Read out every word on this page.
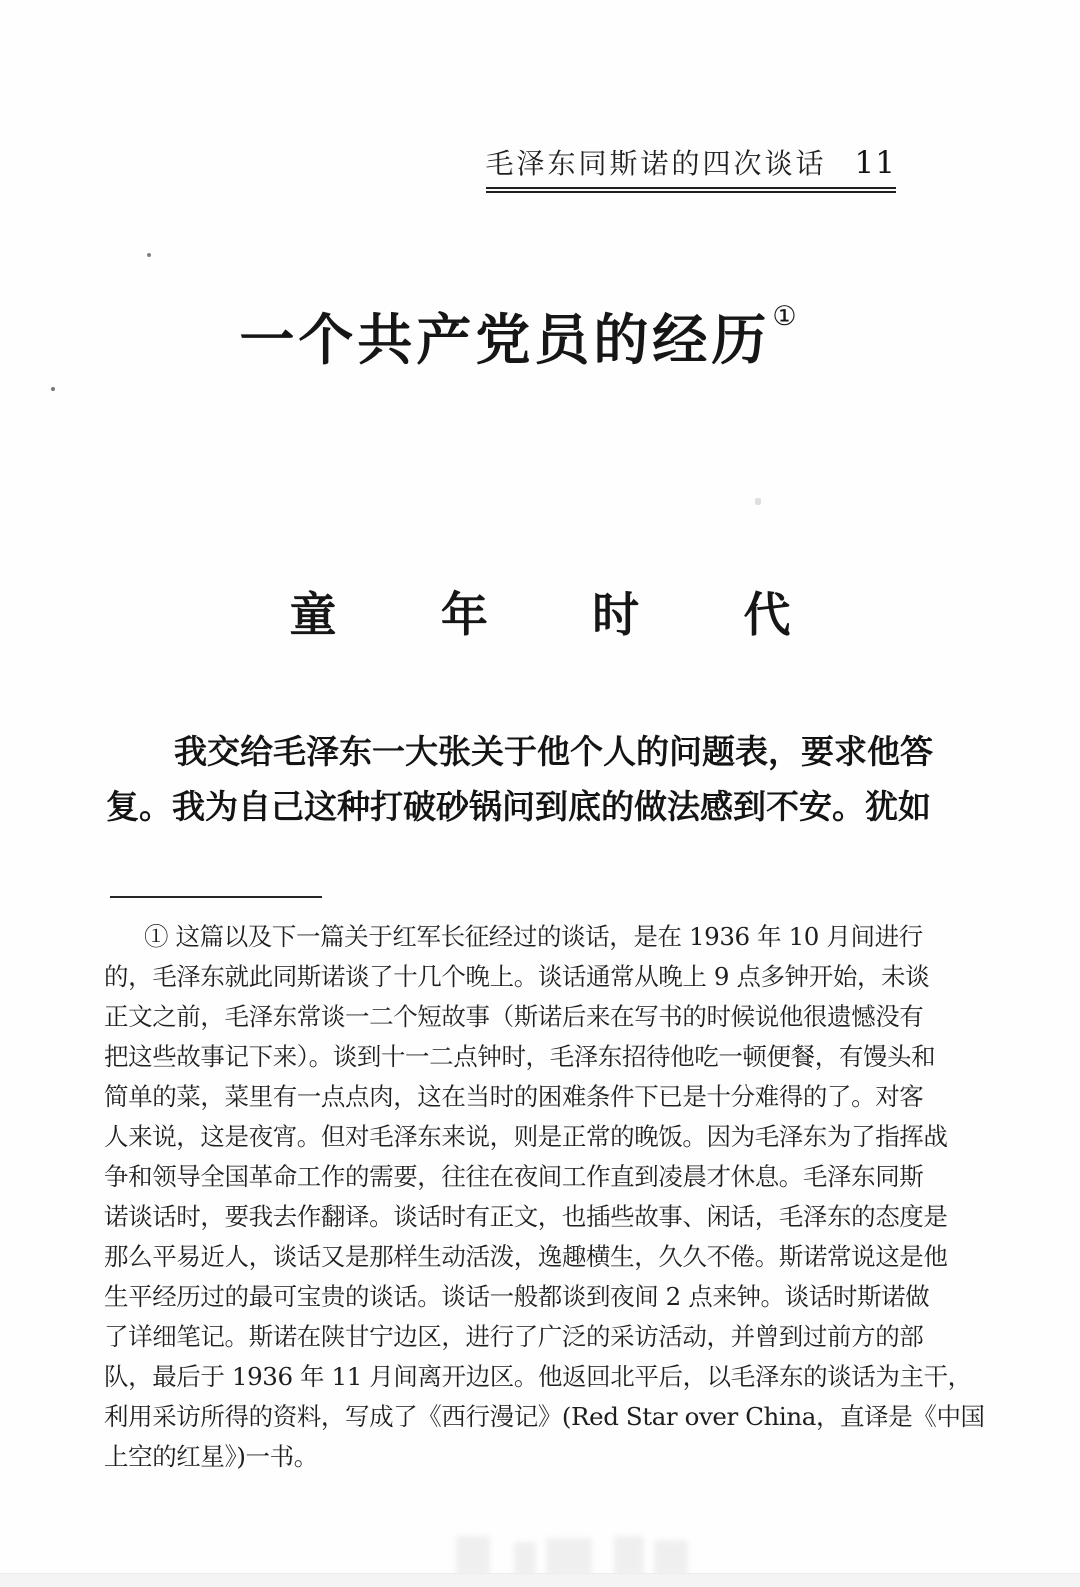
毛泽东同斯诺的四次谈话 11
一个共产党员的经历①
童 年 时 代
我交给毛泽东一大张关于他个人的问题表，要求他答
复。我为自己这种打破砂锅问到底的做法感到不安。犹如
① 这篇以及下一篇关于红军长征经过的谈话，是在 1936 年 10 月间进行
的，毛泽东就此同斯诺谈了十几个晚上。谈话通常从晚上 9 点多钟开始，未谈
正文之前，毛泽东常谈一二个短故事（斯诺后来在写书的时候说他很遗憾没有
把这些故事记下来）。谈到十一二点钟时，毛泽东招待他吃一顿便餐，有馒头和
简单的菜，菜里有一点点肉，这在当时的困难条件下已是十分难得的了。对客
人来说，这是夜宵。但对毛泽东来说，则是正常的晚饭。因为毛泽东为了指挥战
争和领导全国革命工作的需要，往往在夜间工作直到凌晨才休息。毛泽东同斯
诺谈话时，要我去作翻译。谈话时有正文，也插些故事、闲话，毛泽东的态度是
那么平易近人，谈话又是那样生动活泼，逸趣横生，久久不倦。斯诺常说这是他
生平经历过的最可宝贵的谈话。谈话一般都谈到夜间 2 点来钟。谈话时斯诺做
了详细笔记。斯诺在陕甘宁边区，进行了广泛的采访活动，并曾到过前方的部
队，最后于 1936 年 11 月间离开边区。他返回北平后，以毛泽东的谈话为主干，
利用采访所得的资料，写成了《西行漫记》(Red Star over China，直译是《中国
上空的红星》)一书。
